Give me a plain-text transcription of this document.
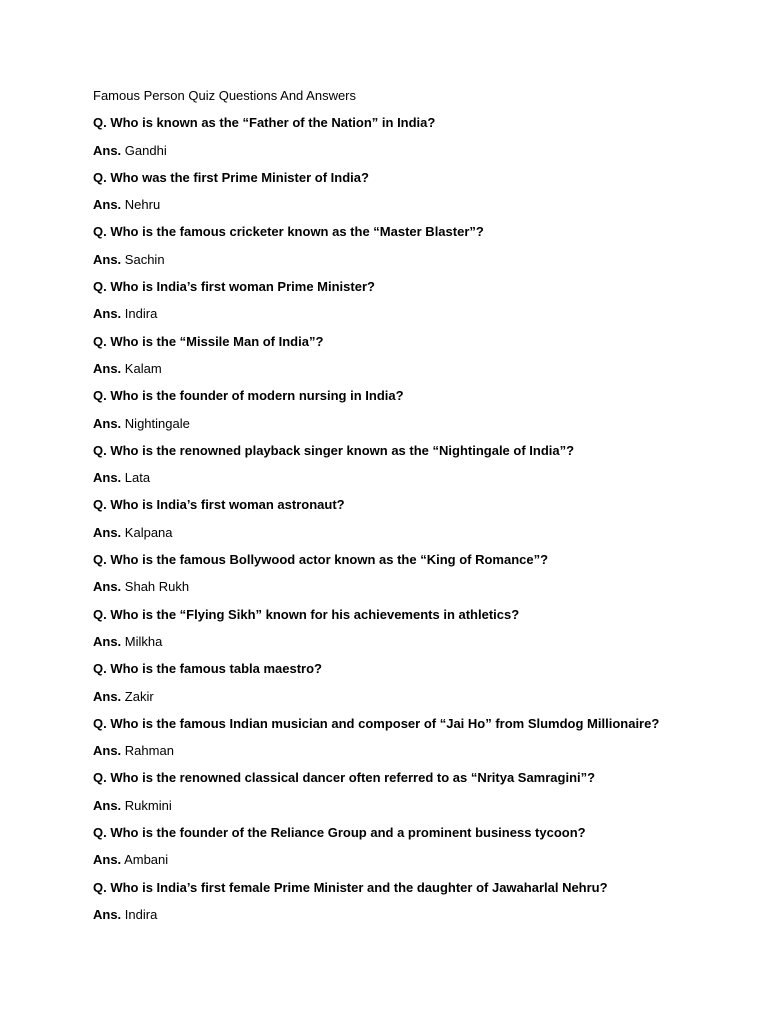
Famous Person Quiz Questions And Answers
Q. Who is known as the “Father of the Nation” in India?
Ans. Gandhi
Q. Who was the first Prime Minister of India?
Ans. Nehru
Q. Who is the famous cricketer known as the “Master Blaster”?
Ans. Sachin
Q. Who is India’s first woman Prime Minister?
Ans. Indira
Q. Who is the “Missile Man of India”?
Ans. Kalam
Q. Who is the founder of modern nursing in India?
Ans. Nightingale
Q. Who is the renowned playback singer known as the “Nightingale of India”?
Ans. Lata
Q. Who is India’s first woman astronaut?
Ans. Kalpana
Q. Who is the famous Bollywood actor known as the “King of Romance”?
Ans. Shah Rukh
Q. Who is the “Flying Sikh” known for his achievements in athletics?
Ans. Milkha
Q. Who is the famous tabla maestro?
Ans. Zakir
Q. Who is the famous Indian musician and composer of “Jai Ho” from Slumdog Millionaire?
Ans. Rahman
Q. Who is the renowned classical dancer often referred to as “Nritya Samragini”?
Ans. Rukmini
Q. Who is the founder of the Reliance Group and a prominent business tycoon?
Ans. Ambani
Q. Who is India’s first female Prime Minister and the daughter of Jawaharlal Nehru?
Ans. Indira
